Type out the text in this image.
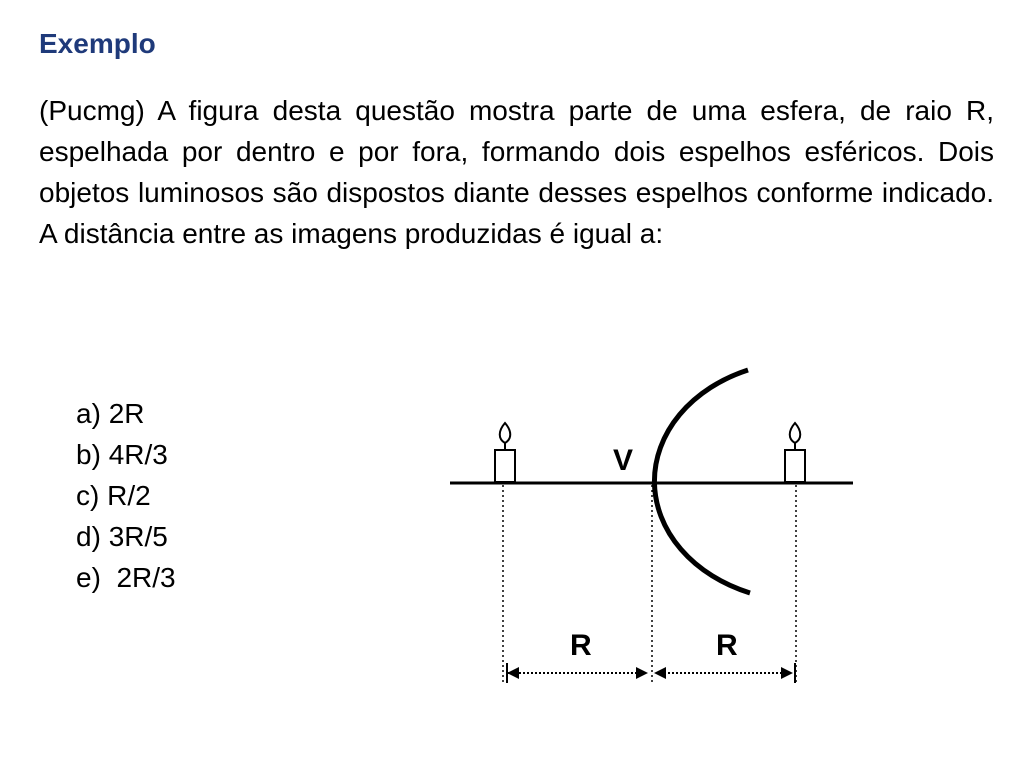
Exemplo

(Pucmg) A figura desta questão mostra parte de uma esfera, de raio R, espelhada por dentro e por fora, formando dois espelhos esféricos. Dois objetos luminosos são dispostos diante desses espelhos conforme indicado. A distância entre as imagens produzidas é igual a:

a) 2R
b) 4R/3
c) R/2
d) 3R/5
e)  2R/3
V
R	R
